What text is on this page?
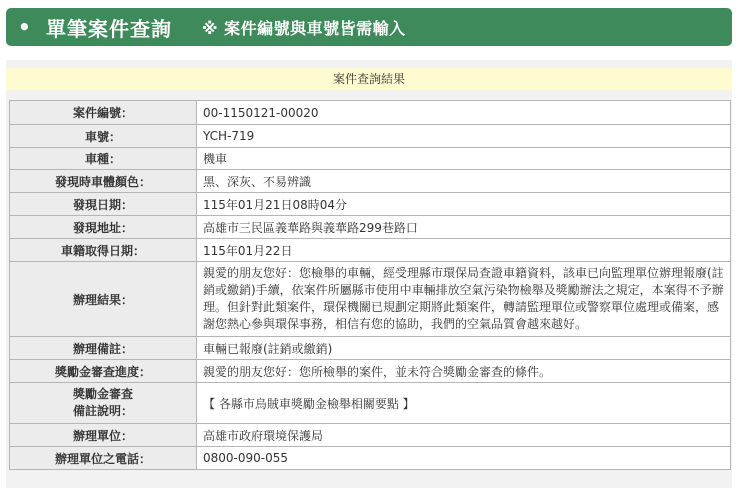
• 單筆案件查詢 ※ 案件編號與車號皆需輸入
案件查詢結果
案件編號：	00-1150121-00020
車號：	YCH-719
車種：	機車
發現時車體顏色：	黑、深灰、不易辨識
發現日期：	115年01月21日08時04分
發現地址：	高雄市三民區義華路與義華路299巷路口
車籍取得日期：	115年01月22日
辦理結果：	親愛的朋友您好：您檢舉的車輛，經受理縣市環保局查證車籍資料，該車已向監理單位辦理報廢(註銷或繳銷)手續，依案件所屬縣市使用中車輛排放空氣污染物檢舉及獎勵辦法之規定，本案得不予辦理。但針對此類案件，環保機關已規劃定期將此類案件，轉請監理單位或警察單位處理或備案，感謝您熱心參與環保事務，相信有您的協助，我們的空氣品質會越來越好。
辦理備註：	車輛已報廢(註銷或繳銷)
獎勵金審查進度：	親愛的朋友您好：您所檢舉的案件，並未符合獎勵金審查的條件。

獎勵金審查
備註說明：	【 各縣市烏賊車獎勵金檢舉相關要點 】
辦理單位：	高雄市政府環境保護局
辦理單位之電話：	0800-090-055
